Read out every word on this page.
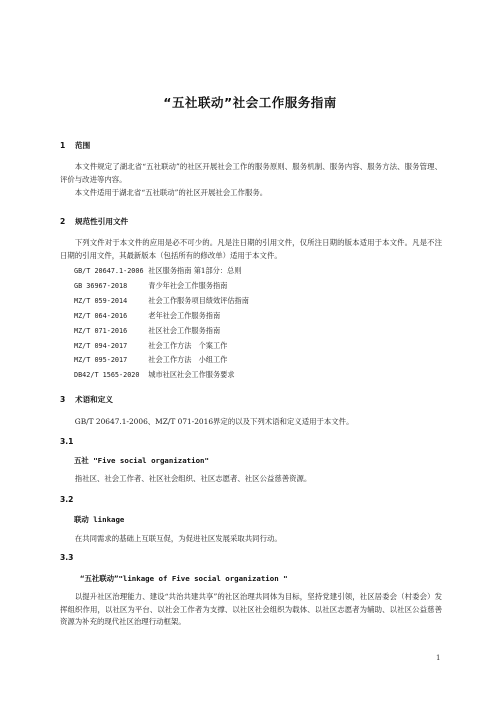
“五社联动”社会工作服务指南
1 范围
本文件规定了湖北省“五社联动”的社区开展社会工作的服务原则、服务机制、服务内容、服务方法、服务管理、评价与改进等内容。
本文件适用于湖北省“五社联动”的社区开展社会工作服务。
2 规范性引用文件
下列文件对于本文件的应用是必不可少的。凡是注日期的引用文件，仅所注日期的版本适用于本文件。凡是不注日期的引用文件，其最新版本（包括所有的修改单）适用于本文件。
GB/T 20647.1-2006 社区服务指南 第1部分：总则
GB 36967-2018	青少年社会工作服务指南
MZ/T 059-2014	社会工作服务项目绩效评估指南
MZ/T 064-2016	老年社会工作服务指南
MZ/T 071-2016	社区社会工作服务指南
MZ/T 094-2017	社会工作方法　个案工作
MZ/T 095-2017	社会工作方法　小组工作
DB42/T 1565-2020 城市社区社会工作服务要求
3 术语和定义
GB/T 20647.1-2006、MZ/T 071-2016界定的以及下列术语和定义适用于本文件。
3.1
五社 "Five social organization"
指社区、社会工作者、社区社会组织、社区志愿者、社区公益慈善资源。
3.2
联动 linkage
在共同需求的基础上互联互促，为促进社区发展采取共同行动。
3.3
“五社联动”"linkage of Five social organization "
以提升社区治理能力、建设“共治共建共享”的社区治理共同体为目标，坚持党建引领，社区居委会（村委会）发挥组织作用，以社区为平台、以社会工作者为支撑、以社区社会组织为载体、以社区志愿者为辅助、以社区公益慈善资源为补充的现代社区治理行动框架。
1
